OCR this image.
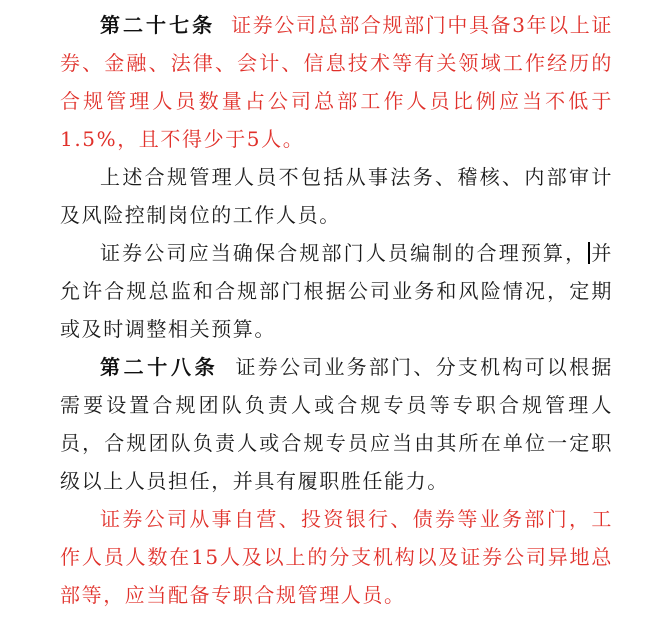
第二十七条 证券公司总部合规部门中具备3年以上证券、金融、法律、会计、信息技术等有关领域工作经历的合规管理人员数量占公司总部工作人员比例应当不低于1.5%，且不得少于5人。

上述合规管理人员不包括从事法务、稽核、内部审计及风险控制岗位的工作人员。

证券公司应当确保合规部门人员编制的合理预算， 并允许合规总监和合规部门根据公司业务和风险情况，定期或及时调整相关预算。

第二十八条 证券公司业务部门、分支机构可以根据需要设置合规团队负责人或合规专员等专职合规管理人员，合规团队负责人或合规专员应当由其所在单位一定职级以上人员担任，并具有履职胜任能力。

证券公司从事自营、投资银行、债券等业务部门，工作人员人数在15人及以上的分支机构以及证券公司异地总部等，应当配备专职合规管理人员。
